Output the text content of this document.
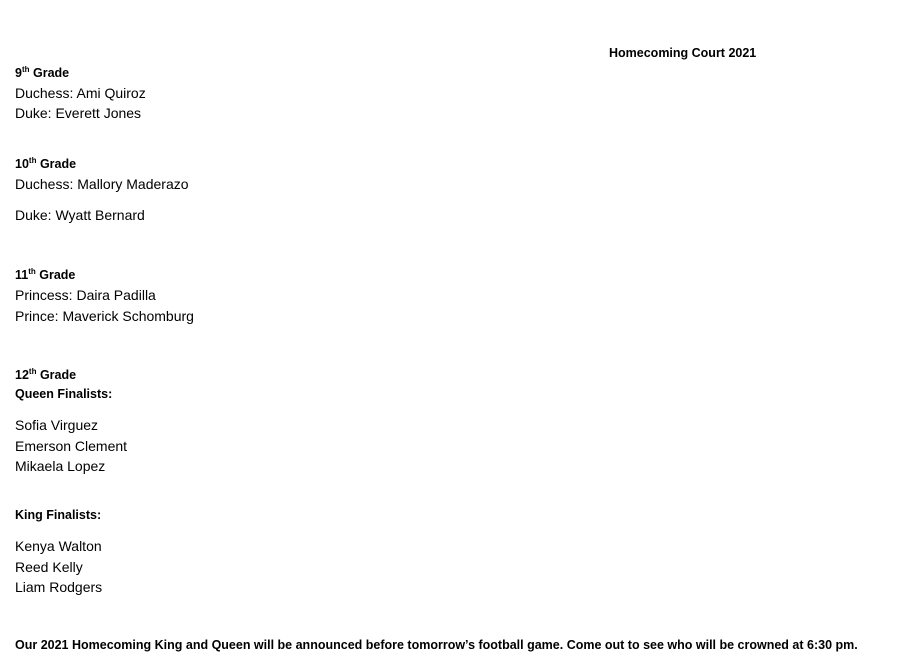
Homecoming Court 2021
9th Grade
Duchess: Ami Quiroz
Duke: Everett Jones
10th Grade
Duchess: Mallory Maderazo
Duke: Wyatt Bernard
11th Grade
Princess: Daira Padilla
Prince: Maverick Schomburg
12th Grade
Queen Finalists:
Sofia Virguez
Emerson Clement
Mikaela Lopez
King Finalists:
Kenya Walton
Reed Kelly
Liam Rodgers
Our 2021 Homecoming King and Queen will be announced before tomorrow’s football game. Come out to see who will be crowned at 6:30 pm.
